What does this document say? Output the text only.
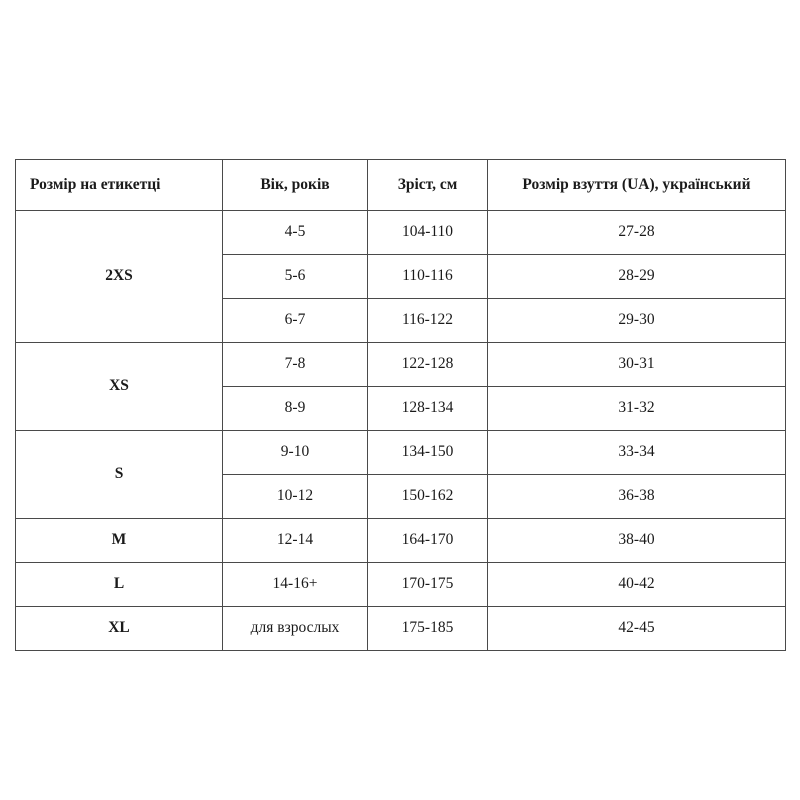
Розмір на етикетці	Вік, років	Зріст, см	Розмір взуття (UA), український
2XS	4-5	104-110	27-28
	5-6	110-116	28-29
	6-7	116-122	29-30
XS	7-8	122-128	30-31
	8-9	128-134	31-32
S	9-10	134-150	33-34
	10-12	150-162	36-38
M	12-14	164-170	38-40
L	14-16+	170-175	40-42
XL	для взрослых	175-185	42-45
